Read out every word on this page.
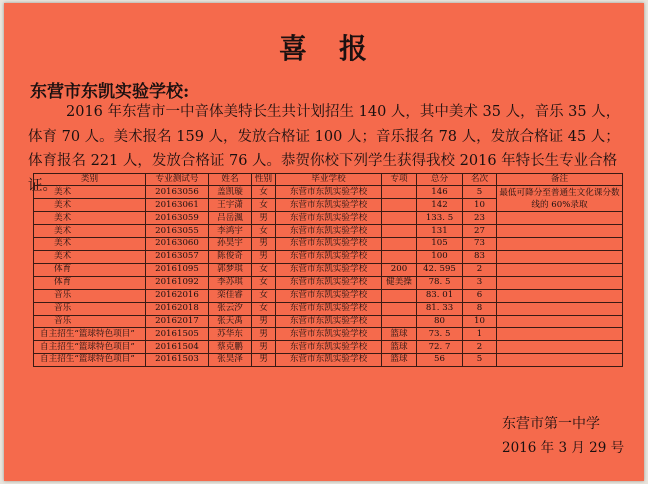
喜　报
东营市东凯实验学校:
2016 年东营市一中音体美特长生共计划招生 140 人，其中美术 35 人，音乐 35 人，体育 70 人。美术报名 159 人，发放合格证 100 人；音乐报名 78 人，发放合格证 45 人；体育报名 221 人，发放合格证 76 人。恭贺你校下列学生获得我校 2016 年特长生专业合格证。
东营市第一中学
2016 年 3 月 29 号
类别	专业测试号	姓名	性别	毕业学校	专项	总分	名次	备注
美术	20163056	盖凯璇	女	东营市东凯实验学校		146	5	最低可降分至普通生文化课分数线的 60%录取
美术	20163061	王宇潇	女	东营市东凯实验学校		142	10	
美术	20163059	吕岳渢	男	东营市东凯实验学校		133. 5	23	
美术	20163055	李鸿宇	女	东营市东凯实验学校		131	27	
美术	20163060	孙昊宇	男	东营市东凯实验学校		105	73	
美术	20163057	陈俊奇	男	东营市东凯实验学校		100	83	
体育	20161095	郭梦琪	女	东营市东凯实验学校	200	42. 595	2	
体育	20161092	李苏琪	女	东营市东凯实验学校	健美操	78. 5	3	
音乐	20162016	栾佳睿	女	东营市东凯实验学校		83. 01	6	
音乐	20162018	张云汐	女	东营市东凯实验学校		81. 33	8	
音乐	20162017	张天禹	男	东营市东凯实验学校		80	10	
自主招生“篮球特色项目”	20161505	苏华东	男	东营市东凯实验学校	篮球	73. 5	1	
自主招生“篮球特色项目”	20161504	蔡克鹏	男	东营市东凯实验学校	篮球	72. 7	2	
自主招生“篮球特色项目”	20161503	张昊泽	男	东营市东凯实验学校	篮球	56	5	
